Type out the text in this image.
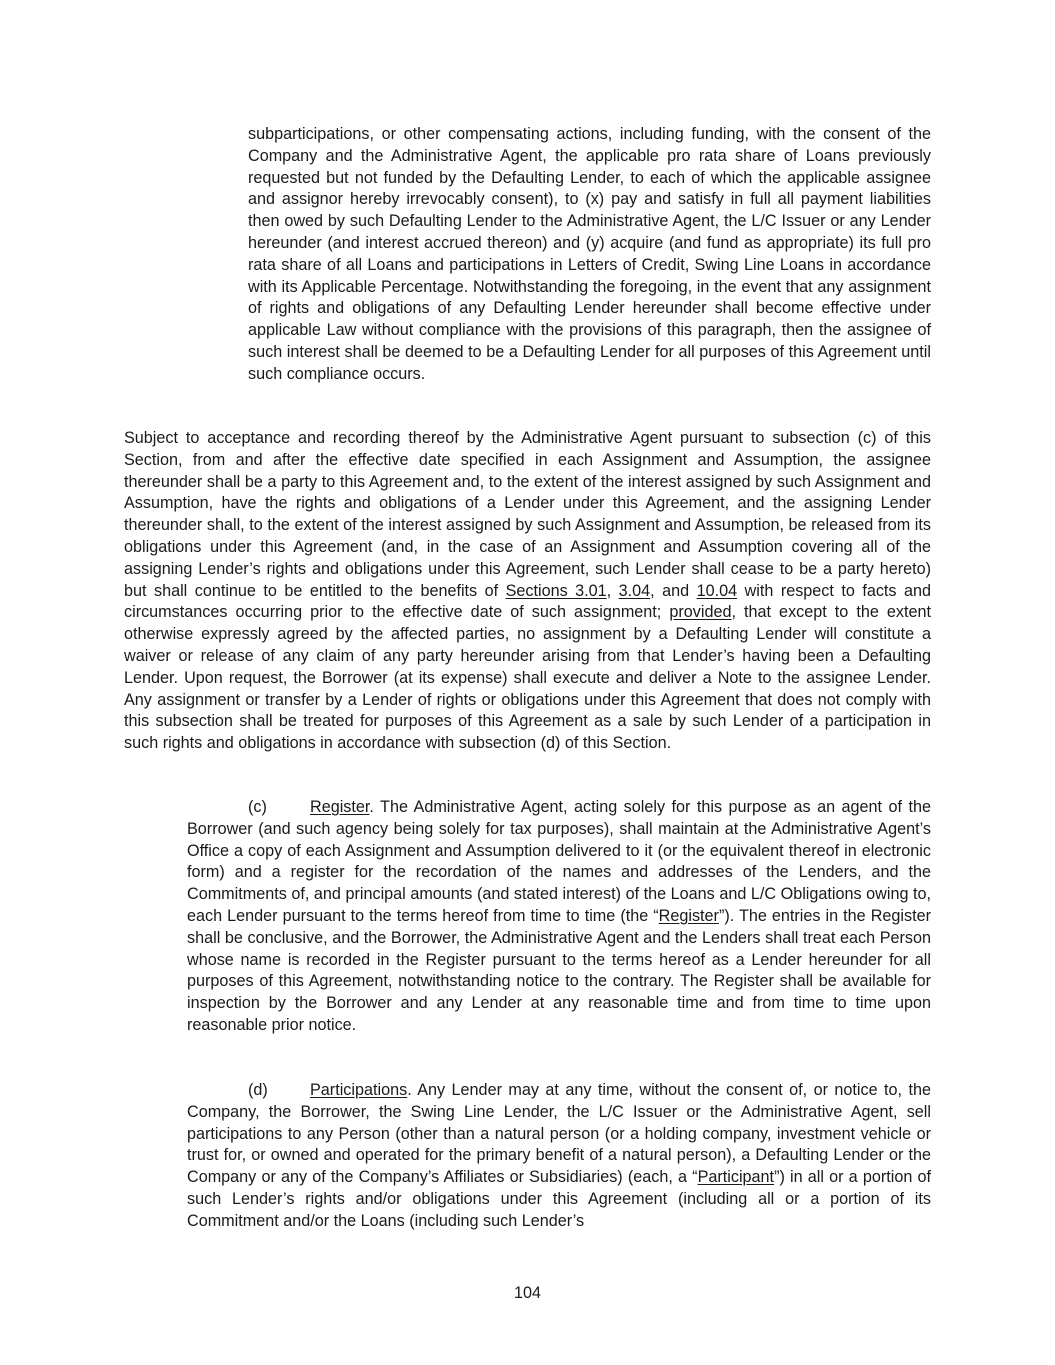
subparticipations, or other compensating actions, including funding, with the consent of the Company and the Administrative Agent, the applicable pro rata share of Loans previously requested but not funded by the Defaulting Lender, to each of which the applicable assignee and assignor hereby irrevocably consent), to (x) pay and satisfy in full all payment liabilities then owed by such Defaulting Lender to the Administrative Agent, the L/C Issuer or any Lender hereunder (and interest accrued thereon) and (y) acquire (and fund as appropriate) its full pro rata share of all Loans and participations in Letters of Credit, Swing Line Loans in accordance with its Applicable Percentage. Notwithstanding the foregoing, in the event that any assignment of rights and obligations of any Defaulting Lender hereunder shall become effective under applicable Law without compliance with the provisions of this paragraph, then the assignee of such interest shall be deemed to be a Defaulting Lender for all purposes of this Agreement until such compliance occurs.

Subject to acceptance and recording thereof by the Administrative Agent pursuant to subsection (c) of this Section, from and after the effective date specified in each Assignment and Assumption, the assignee thereunder shall be a party to this Agreement and, to the extent of the interest assigned by such Assignment and Assumption, have the rights and obligations of a Lender under this Agreement, and the assigning Lender thereunder shall, to the extent of the interest assigned by such Assignment and Assumption, be released from its obligations under this Agreement (and, in the case of an Assignment and Assumption covering all of the assigning Lender’s rights and obligations under this Agreement, such Lender shall cease to be a party hereto) but shall continue to be entitled to the benefits of Sections 3.01, 3.04, and 10.04 with respect to facts and circumstances occurring prior to the effective date of such assignment; provided, that except to the extent otherwise expressly agreed by the affected parties, no assignment by a Defaulting Lender will constitute a waiver or release of any claim of any party hereunder arising from that Lender’s having been a Defaulting Lender. Upon request, the Borrower (at its expense) shall execute and deliver a Note to the assignee Lender. Any assignment or transfer by a Lender of rights or obligations under this Agreement that does not comply with this subsection shall be treated for purposes of this Agreement as a sale by such Lender of a participation in such rights and obligations in accordance with subsection (d) of this Section.

(c)	Register. The Administrative Agent, acting solely for this purpose as an agent of the Borrower (and such agency being solely for tax purposes), shall maintain at the Administrative Agent’s Office a copy of each Assignment and Assumption delivered to it (or the equivalent thereof in electronic form) and a register for the recordation of the names and addresses of the Lenders, and the Commitments of, and principal amounts (and stated interest) of the Loans and L/C Obligations owing to, each Lender pursuant to the terms hereof from time to time (the “Register”). The entries in the Register shall be conclusive, and the Borrower, the Administrative Agent and the Lenders shall treat each Person whose name is recorded in the Register pursuant to the terms hereof as a Lender hereunder for all purposes of this Agreement, notwithstanding notice to the contrary. The Register shall be available for inspection by the Borrower and any Lender at any reasonable time and from time to time upon reasonable prior notice.

(d)	Participations. Any Lender may at any time, without the consent of, or notice to, the Company, the Borrower, the Swing Line Lender, the L/C Issuer or the Administrative Agent, sell participations to any Person (other than a natural person (or a holding company, investment vehicle or trust for, or owned and operated for the primary benefit of a natural person), a Defaulting Lender or the Company or any of the Company’s Affiliates or Subsidiaries) (each, a “Participant”) in all or a portion of such Lender’s rights and/or obligations under this Agreement (including all or a portion of its Commitment and/or the Loans (including such Lender’s

104
